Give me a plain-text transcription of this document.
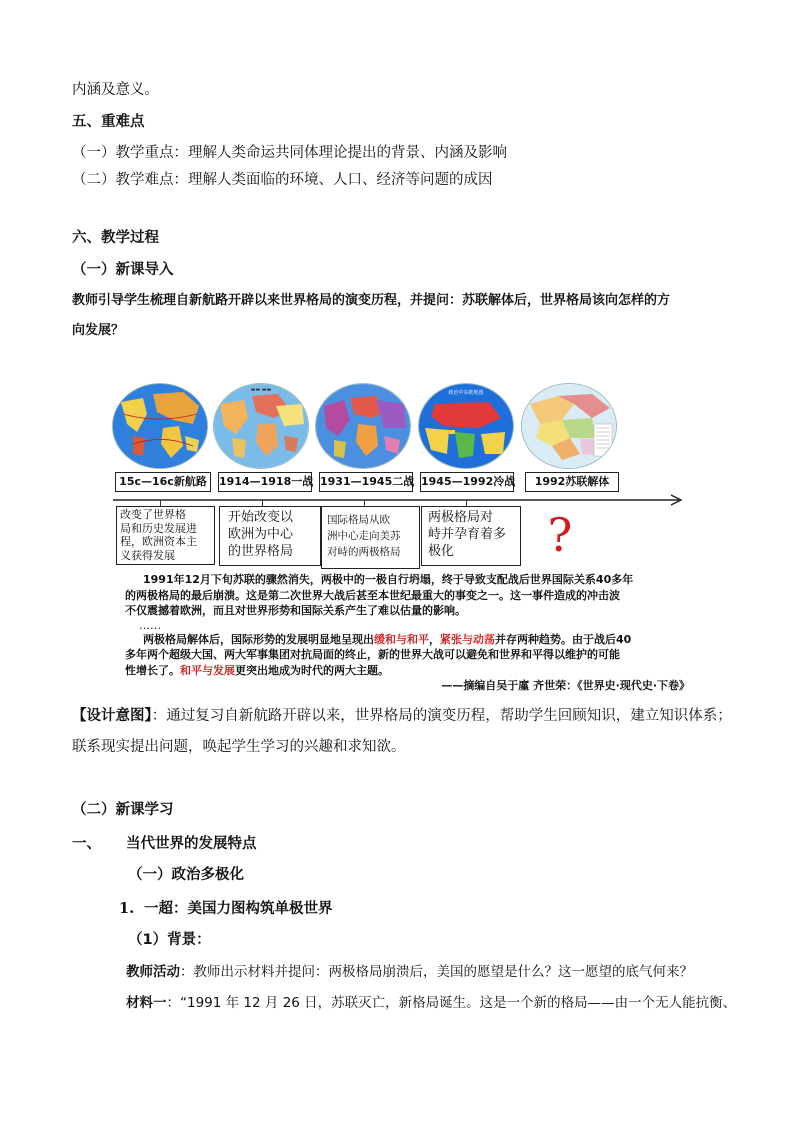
内涵及意义。
五、重难点
（一）教学重点：理解人类命运共同体理论提出的背景、内涵及影响
（二）教学难点：理解人类面临的环境、人口、经济等问题的成因
六、教学过程
（一）新课导入
教师引导学生梳理自新航路开辟以来世界格局的演变历程，并提问：苏联解体后，世界格局该向怎样的方
向发展？
▬▬ ▬▬	政治中东欧地图
15c—16c新航路	1914—1918一战 1931—1945二战 1945—1992冷战	1992苏联解体
改变了世界格
局和历史发展进
程，欧洲资本主
义获得发展
开始改变以
欧洲为中心
的世界格局
国际格局从欧
洲中心走向美苏
对峙的两极格局
两极格局对
峙并孕育着多
极化	?
1991年12月下旬苏联的骤然消失，两极中的一极自行坍塌，终于导致支配战后世界国际关系40多年
的两极格局的最后崩溃。这是第二次世界大战后甚至本世纪最重大的事变之一。这一事件造成的冲击波
不仅震撼着欧洲，而且对世界形势和国际关系产生了难以估量的影响。
……
两极格局解体后，国际形势的发展明显地呈现出缓和与和平，紧张与动荡并存两种趋势。由于战后40
多年两个超级大国、两大军事集团对抗局面的终止，新的世界大战可以避免和世界和平得以维护的可能
性增长了。和平与发展更突出地成为时代的两大主题。
——摘编自吴于廑 齐世荣：《世界史·现代史·下卷》
【设计意图】：通过复习自新航路开辟以来，世界格局的演变历程，帮助学生回顾知识，建立知识体系；
联系现实提出问题，唤起学生学习的兴趣和求知欲。
（二）新课学习
一、 当代世界的发展特点
（一）政治多极化
1. 一超：美国力图构筑单极世界
（1）背景：
教师活动：教师出示材料并提问：两极格局崩溃后，美国的愿望是什么？这一愿望的底气何来？
材料一：“1991 年 12 月 26 日，苏联灭亡，新格局诞生。这是一个新的格局——由一个无人能抗衡、
